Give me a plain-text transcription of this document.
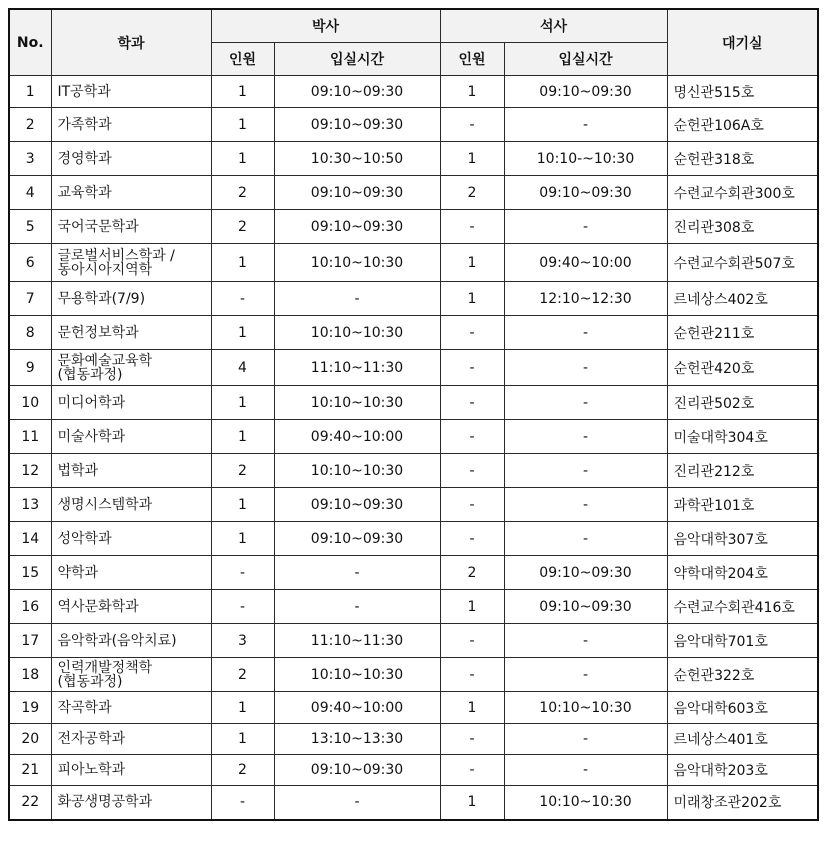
No.	학과	박사		석사		대기실
		인원	입실시간	인원	입실시간	
1	IT공학과	1	09:10~09:30	1	09:10~09:30	명신관515호
2	가족학과	1	09:10~09:30	-	-	순헌관106A호
3	경영학과	1	10:30~10:50	1	10:10-~10:30	순헌관318호
4	교육학과	2	09:10~09:30	2	09:10~09:30	수련교수회관300호
5	국어국문학과	2	09:10~09:30	-	-	진리관308호
6	글로벌서비스학과 /
동아시아지역학	1	10:10~10:30	1	09:40~10:00	수련교수회관507호
7	무용학과(7/9)	-	-	1	12:10~12:30	르네상스402호
8	문헌정보학과	1	10:10~10:30	-	-	순헌관211호
9	문화예술교육학
(협동과정)	4	11:10~11:30	-	-	순헌관420호
10	미디어학과	1	10:10~10:30	-	-	진리관502호
11	미술사학과	1	09:40~10:00	-	-	미술대학304호
12	법학과	2	10:10~10:30	-	-	진리관212호
13	생명시스템학과	1	09:10~09:30	-	-	과학관101호
14	성악학과	1	09:10~09:30	-	-	음악대학307호
15	약학과	-	-	2	09:10~09:30	약학대학204호
16	역사문화학과	-	-	1	09:10~09:30	수련교수회관416호
17	음악학과(음악치료)	3	11:10~11:30	-	-	음악대학701호
18	인력개발정책학
(협동과정)	2	10:10~10:30	-	-	순헌관322호
19	작곡학과	1	09:40~10:00	1	10:10~10:30	음악대학603호
20	전자공학과	1	13:10~13:30	-	-	르네상스401호
21	피아노학과	2	09:10~09:30	-	-	음악대학203호
22	화공생명공학과	-	-	1	10:10~10:30	미래창조관202호
